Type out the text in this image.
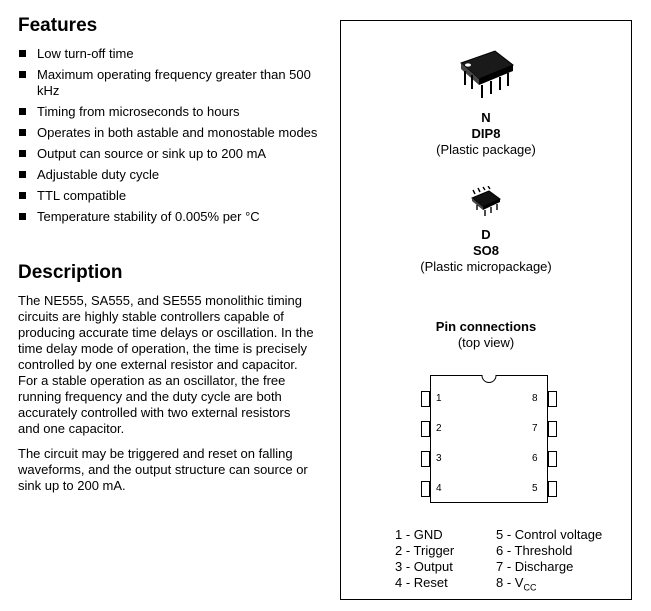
Features
Low turn-off time
Maximum operating frequency greater than 500 kHz
Timing from microseconds to hours
Operates in both astable and monostable modes
Output can source or sink up to 200 mA
Adjustable duty cycle
TTL compatible
Temperature stability of 0.005% per °C
Description

The NE555, SA555, and SE555 monolithic timing circuits are highly stable controllers capable of producing accurate time delays or oscillation. In the time delay mode of operation, the time is precisely controlled by one external resistor and capacitor. For a stable operation as an oscillator, the free running frequency and the duty cycle are both accurately controlled with two external resistors and one capacitor.

The circuit may be triggered and reset on falling waveforms, and the output structure can source or sink up to 200 mA.

N
DIP8
(Plastic package)
D
SO8
(Plastic micropackage)
Pin connections
(top view)
1
2
3
4
8
7
6
5
1 - GND
2 - Trigger
3 - Output
4 - Reset
5 - Control voltage
6 - Threshold
7 - Discharge
$8 - V_{CC}$
